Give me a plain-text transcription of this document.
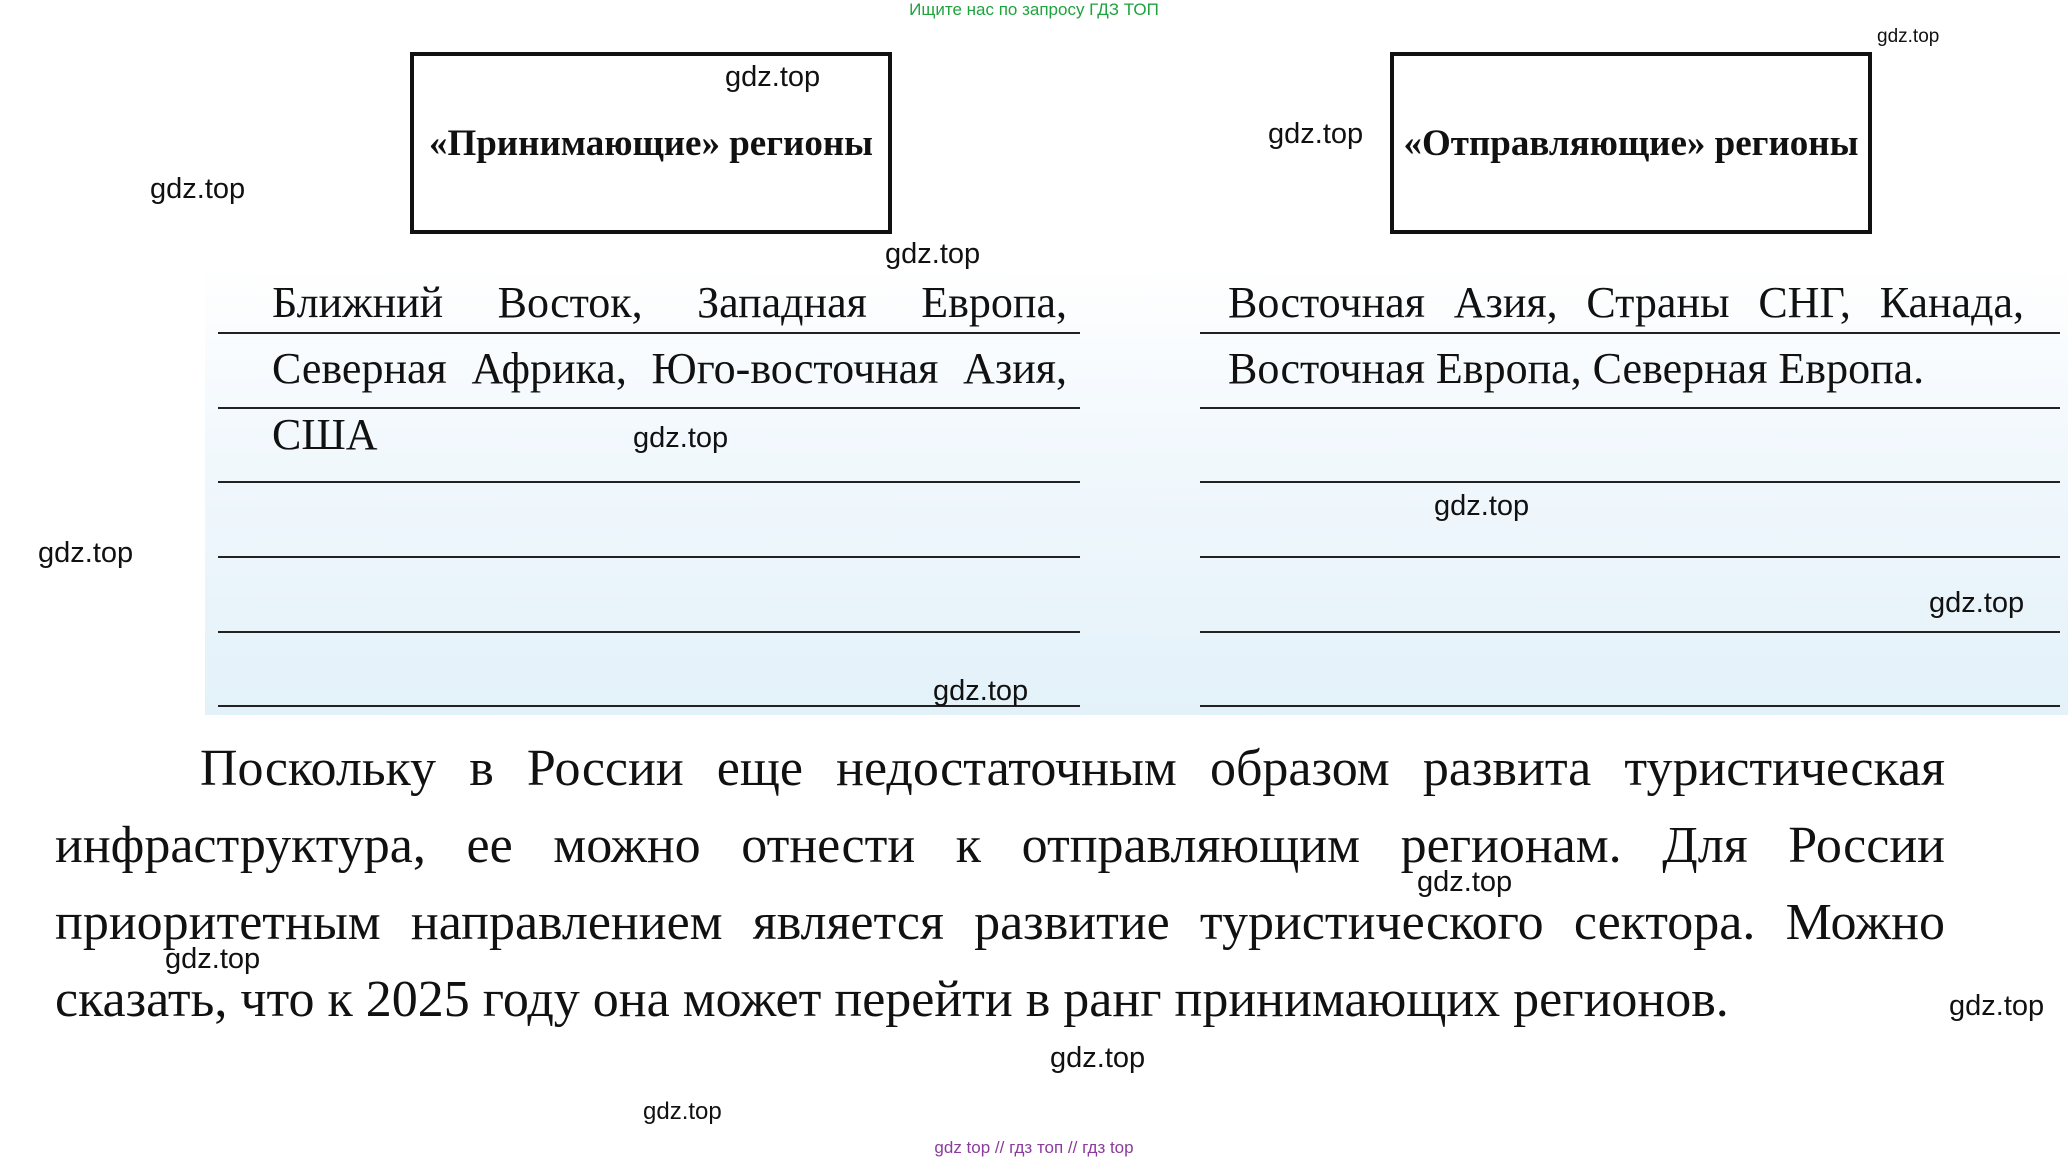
Ищите нас по запросу ГДЗ ТОП
«Принимающие» регионы	«Отправляющие» регионы
Ближний Восток, Западная Европа, Северная Африка, Юго-восточная Азия, США
Восточная Азия, Страны СНГ, Канада, Восточная Европа, Северная Европа.
Поскольку в России еще недостаточным образом развита туристическая инфраструктура, ее можно отнести к отправляющим регионам. Для России приоритетным направлением является развитие туристического сектора. Можно сказать, что к 2025 году она может перейти в ранг принимающих регионов.
gdz.top
gdz.top
gdz.top
gdz.top
gdz.top
gdz.top
gdz.top
gdz.top
gdz.top
gdz.top
gdz.top
gdz.top
gdz.top
gdz.top
gdz.top
gdz top // гдз топ // гдз top
